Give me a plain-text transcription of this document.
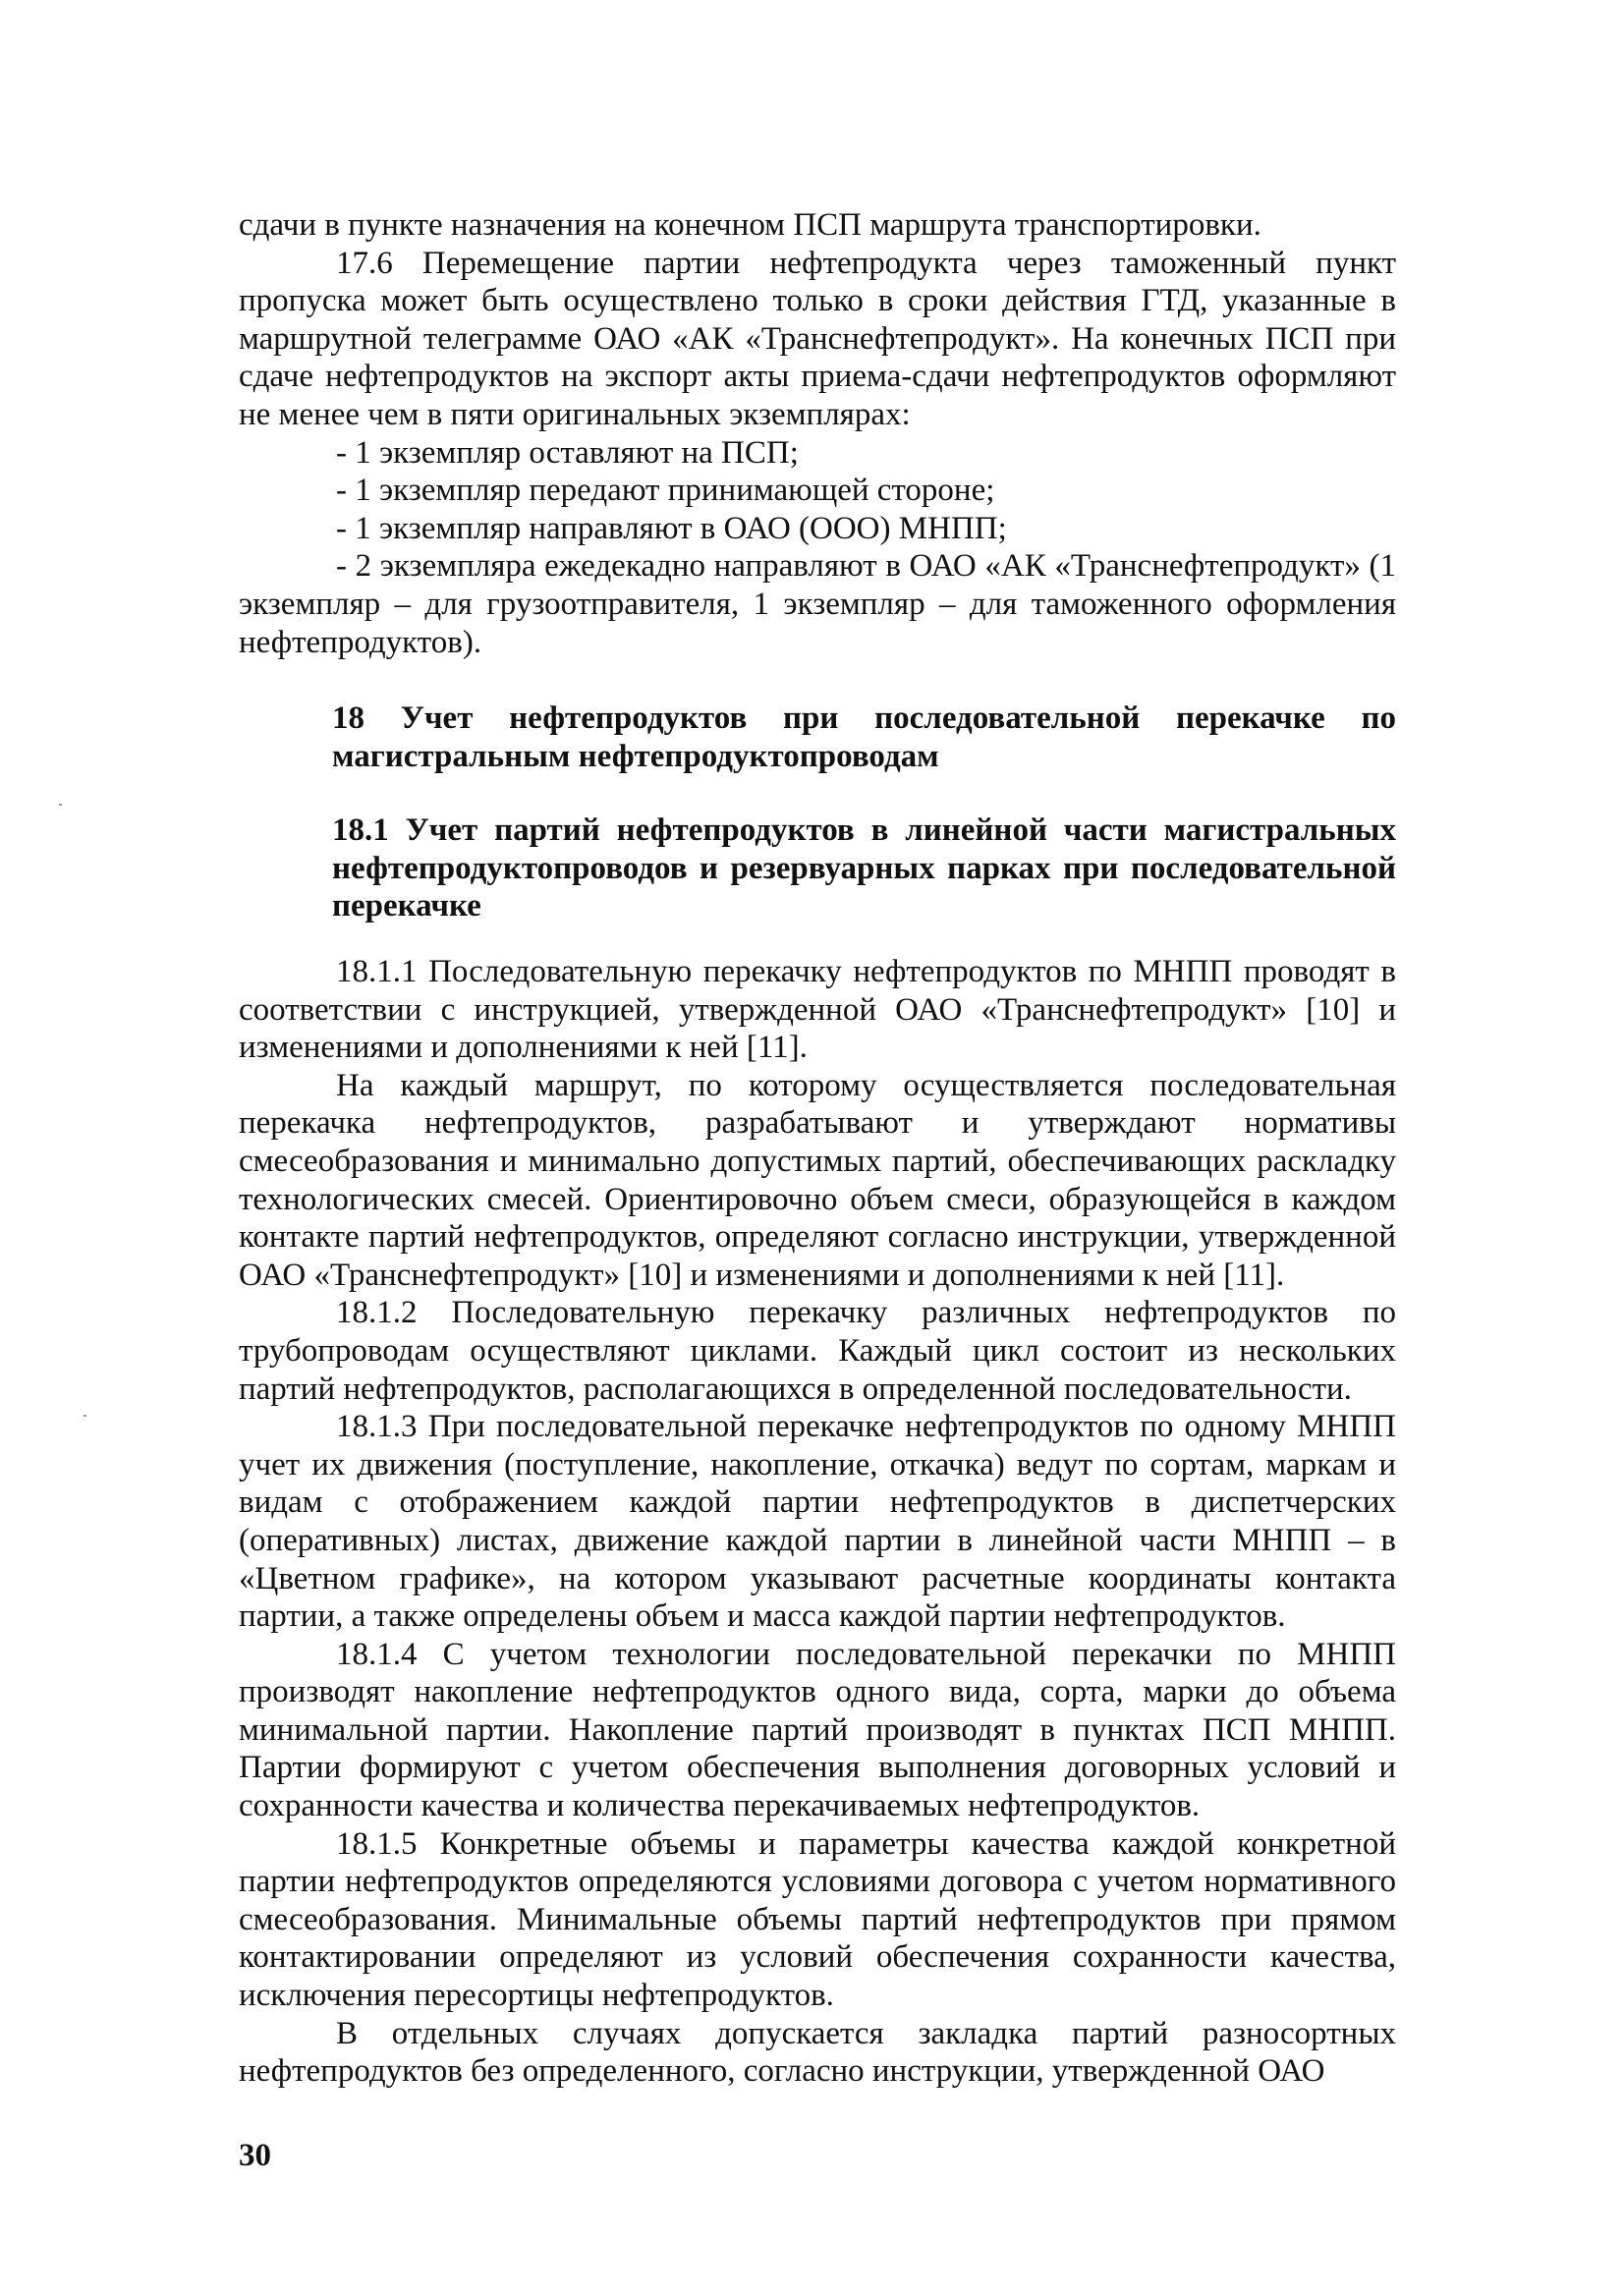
сдачи в пункте назначения на конечном ПСП маршрута транспортировки.

17.6 Перемещение партии нефтепродукта через таможенный пункт пропуска может быть осуществлено только в сроки действия ГТД, указанные в маршрутной телеграмме ОАО «АК «Транснефтепродукт». На конечных ПСП при сдаче нефтепродуктов на экспорт акты приема-сдачи нефтепродуктов оформляют не менее чем в пяти оригинальных экземплярах:

- 1 экземпляр оставляют на ПСП;

- 1 экземпляр передают принимающей стороне;

- 1 экземпляр направляют в ОАО (ООО) МНПП;

- 2 экземпляра ежедекадно направляют в ОАО «АК «Транснефтепродукт» (1 экземпляр – для грузоотправителя, 1 экземпляр – для таможенного оформления нефтепродуктов).

18 Учет нефтепродуктов при последовательной перекачке по магистральным нефтепродуктопроводам

18.1 Учет партий нефтепродуктов в линейной части магистральных нефтепродуктопроводов и резервуарных парках при последовательной перекачке

18.1.1 Последовательную перекачку нефтепродуктов по МНПП проводят в соответствии с инструкцией, утвержденной ОАО «Транснефтепродукт» [10] и изменениями и дополнениями к ней [11].

На каждый маршрут, по которому осуществляется последовательная перекачка нефтепродуктов, разрабатывают и утверждают нормативы смесеобразования и минимально допустимых партий, обеспечивающих раскладку технологических смесей. Ориентировочно объем смеси, образующейся в каждом контакте партий нефтепродуктов, определяют согласно инструкции, утвержденной ОАО «Транснефтепродукт» [10] и изменениями и дополнениями к ней [11].

18.1.2 Последовательную перекачку различных нефтепродуктов по трубопроводам осуществляют циклами. Каждый цикл состоит из нескольких партий нефтепродуктов, располагающихся в определенной последовательности.

18.1.3 При последовательной перекачке нефтепродуктов по одному МНПП учет их движения (поступление, накопление, откачка) ведут по сортам, маркам и видам с отображением каждой партии нефтепродуктов в диспетчерских (оперативных) листах, движение каждой партии в линейной части МНПП – в «Цветном графике», на котором указывают расчетные координаты контакта партии, а также определены объем и масса каждой партии нефтепродуктов.

18.1.4 С учетом технологии последовательной перекачки по МНПП производят накопление нефтепродуктов одного вида, сорта, марки до объема минимальной партии. Накопление партий производят в пунктах ПСП МНПП. Партии формируют с учетом обеспечения выполнения договорных условий и сохранности качества и количества перекачиваемых нефтепродуктов.

18.1.5 Конкретные объемы и параметры качества каждой конкретной партии нефтепродуктов определяются условиями договора с учетом нормативного смесеобразования. Минимальные объемы партий нефтепродуктов при прямом контактировании определяют из условий обеспечения сохранности качества, исключения пересортицы нефтепродуктов.

В отдельных случаях допускается закладка партий разносортных нефтепродуктов без определенного, согласно инструкции, утвержденной ОАО

30
